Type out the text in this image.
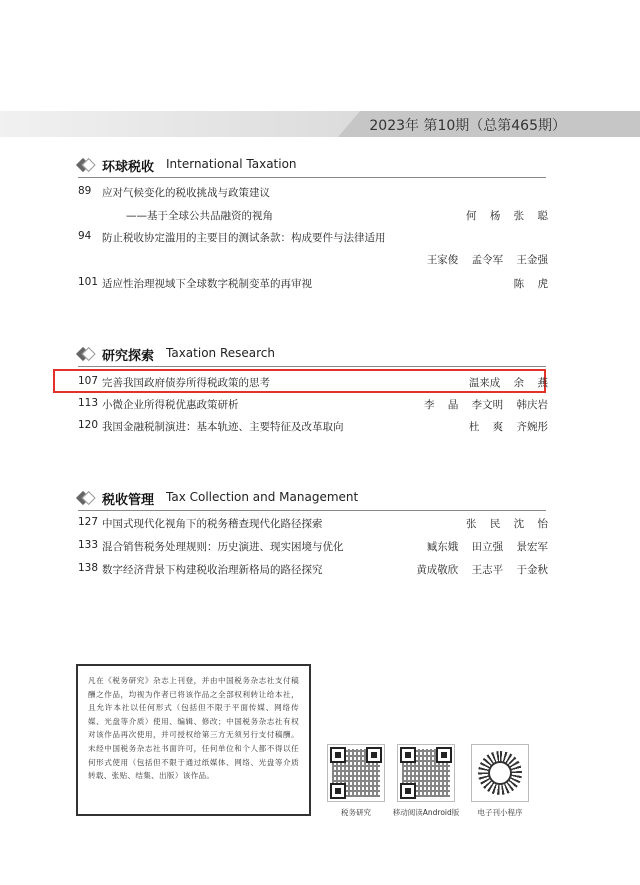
2023年 第10期（总第465期）
环球税收 International Taxation
89	应对气候变化的税收挑战与政策建议
——基于全球公共品融资的视角	何 杨 张 聪
94	防止税收协定滥用的主要目的测试条款：构成要件与法律适用
王家俊 孟令军 王金强
101 适应性治理视域下全球数字税制变革的再审视	陈 虎
研究探索 Taxation Research
107 完善我国政府债券所得税政策的思考	温来成 余 燕
113 小微企业所得税优惠政策研析	李 晶 李文明 韩庆岩
120 我国金融税制演进：基本轨迹、主要特征及改革取向	杜 爽 齐婉彤
税收管理 Tax Collection and Management
127 中国式现代化视角下的税务稽查现代化路径探索	张 民 沈 怡
133 混合销售税务处理规则：历史演进、现实困境与优化	臧东娥 田立强 景宏军
138 数字经济背景下构建税收治理新格局的路径探究	黄成敬欣 王志平 于金秋
凡在《税务研究》杂志上刊登，并由中国税务杂志社支付稿酬之作品，均视为作者已将该作品之全部权利转让给本社，且允许本社以任何形式（包括但不限于平面传媒、网络传媒、光盘等介质）使用、编辑、修改；中国税务杂志社有权对该作品再次使用，并可授权给第三方无须另行支付稿酬。未经中国税务杂志社书面许可，任何单位和个人都不得以任何形式使用（包括但不限于通过纸媒体、网络、光盘等介质转载、张贴、结集、出版）该作品。
税务研究	移动阅读Android版	电子刊小程序
